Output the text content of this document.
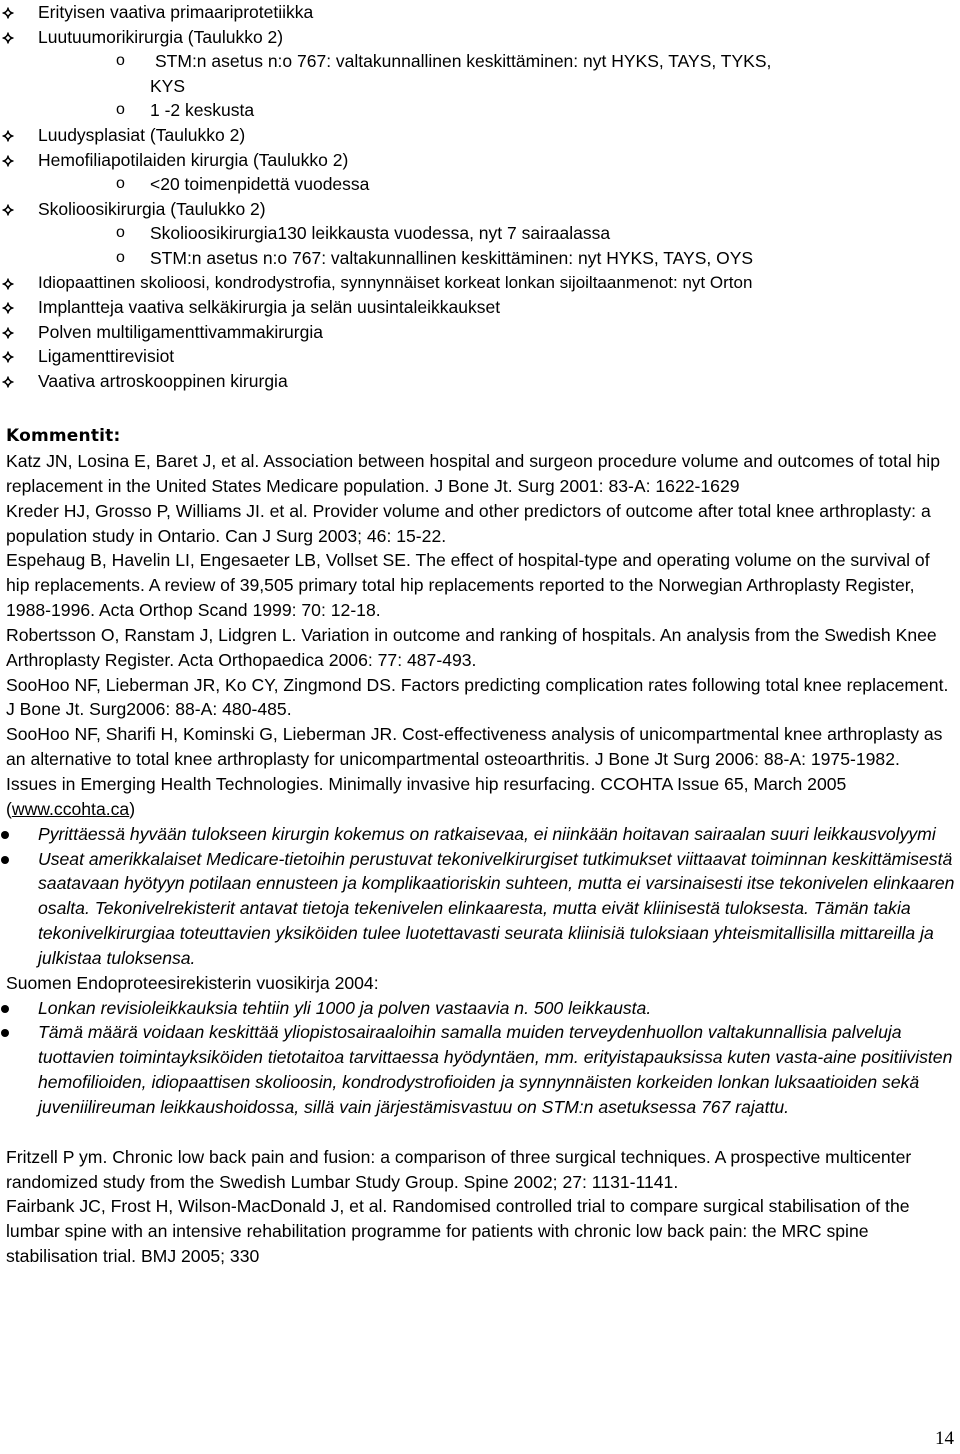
Erityisen vaativa primaariprotetiikka
Luutuumorikirurgia (Taulukko 2)
o STM:n asetus n:o 767: valtakunnallinen keskittäminen: nyt HYKS, TAYS, TYKS,
KYS
o 1 -2 keskusta
Luudysplasiat (Taulukko 2)
Hemofiliapotilaiden kirurgia (Taulukko 2)
o <20 toimenpidettä vuodessa
Skolioosikirurgia (Taulukko 2)
o Skolioosikirurgia130 leikkausta vuodessa, nyt 7 sairaalassa
o STM:n asetus n:o 767: valtakunnallinen keskittäminen: nyt HYKS, TAYS, OYS
Idiopaattinen skolioosi, kondrodystrofia, synnynnäiset korkeat lonkan sijoiltaanmenot: nyt Orton
Implantteja vaativa selkäkirurgia ja selän uusintaleikkaukset
Polven multiligamenttivammakirurgia
Ligamenttirevisiot
Vaativa artroskooppinen kirurgia
Kommentit:

Katz JN, Losina E, Baret J, et al. Association between hospital and surgeon procedure volume and outcomes of total hip replacement in the United States Medicare population. J Bone Jt. Surg 2001: 83-A: 1622-1629

Kreder HJ, Grosso P, Williams JI. et al. Provider volume and other predictors of outcome after total knee arthroplasty: a population study in Ontario. Can J Surg 2003; 46: 15-22.

Espehaug B, Havelin LI, Engesaeter LB, Vollset SE. The effect of hospital-type and operating volume on the survival of hip replacements. A review of 39,505 primary total hip replacements reported to the Norwegian Arthroplasty Register, 1988-1996. Acta Orthop Scand 1999: 70: 12-18.

Robertsson O, Ranstam J, Lidgren L. Variation in outcome and ranking of hospitals. An analysis from the Swedish Knee Arthroplasty Register. Acta Orthopaedica 2006: 77: 487-493.

SooHoo NF, Lieberman JR, Ko CY, Zingmond DS. Factors predicting complication rates following total knee replacement. J Bone Jt. Surg2006: 88-A: 480-485.

SooHoo NF, Sharifi H, Kominski G, Lieberman JR. Cost-effectiveness analysis of unicompartmental knee arthroplasty as an alternative to total knee arthroplasty for unicompartmental osteoarthritis. J Bone Jt Surg 2006: 88-A: 1975-1982.

Issues in Emerging Health Technologies. Minimally invasive hip resurfacing. CCOHTA Issue 65, March 2005 (www.ccohta.ca)

Pyrittäessä hyvään tulokseen kirurgin kokemus on ratkaisevaa, ei niinkään hoitavan sairaalan suuri leikkausvolyymi
Useat amerikkalaiset Medicare-tietoihin perustuvat tekonivelkirurgiset tutkimukset viittaavat toiminnan keskittämisestä saatavaan hyötyyn potilaan ennusteen ja komplikaatioriskin suhteen, mutta ei varsinaisesti itse tekonivelen elinkaaren osalta. Tekonivelrekisterit antavat tietoja tekenivelen elinkaaresta, mutta eivät kliinisestä tuloksesta. Tämän takia tekonivelkirurgiaa toteuttavien yksiköiden tulee luotettavasti seurata kliinisiä tuloksiaan yhteismitallisilla mittareilla ja julkistaa tuloksensa.

Suomen Endoproteesirekisterin vuosikirja 2004:

Lonkan revisioleikkauksia tehtiin yli 1000 ja polven vastaavia n. 500 leikkausta.
Tämä määrä voidaan keskittää yliopistosairaaloihin samalla muiden terveydenhuollon valtakunnallisia palveluja tuottavien toimintayksiköiden tietotaitoa tarvittaessa hyödyntäen, mm. erityistapauksissa kuten vasta-aine positiivisten hemofilioiden, idiopaattisen skolioosin, kondrodystrofioiden ja synnynnäisten korkeiden lonkan luksaatioiden sekä juveniilireuman leikkaushoidossa, sillä vain järjestämisvastuu on STM:n asetuksessa 767 rajattu.

Fritzell P ym. Chronic low back pain and fusion: a comparison of three surgical techniques. A prospective multicenter randomized study from the Swedish Lumbar Study Group. Spine 2002; 27: 1131-1141.

Fairbank JC, Frost H, Wilson-MacDonald J, et al. Randomised controlled trial to compare surgical stabilisation of the lumbar spine with an intensive rehabilitation programme for patients with chronic low back pain: the MRC spine stabilisation trial. BMJ 2005; 330

14
